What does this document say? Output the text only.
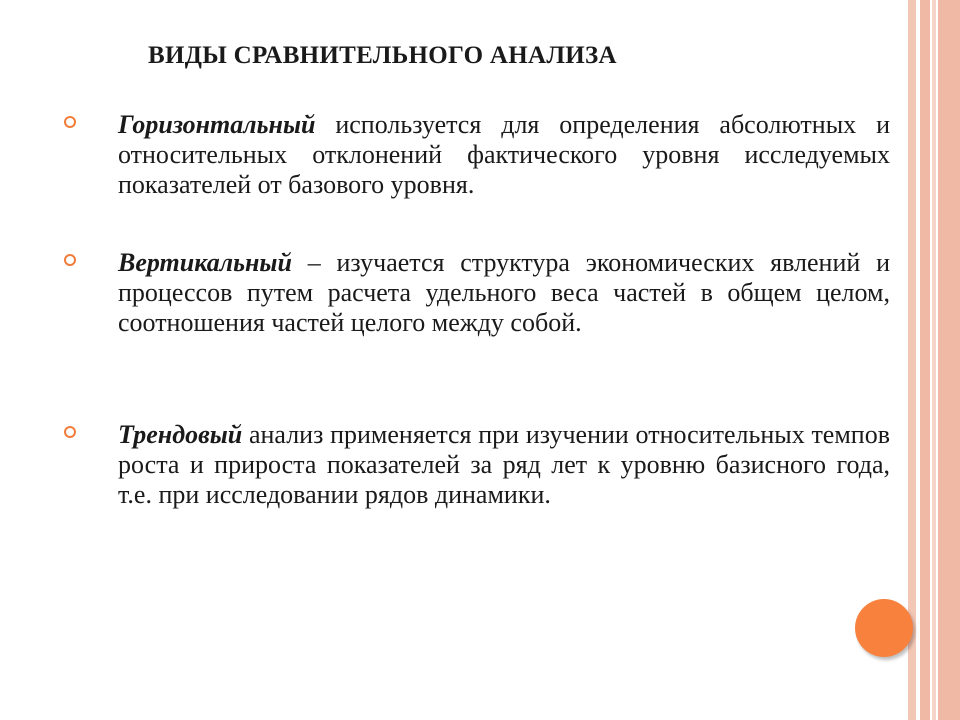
ВИДЫ СРАВНИТЕЛЬНОГО АНАЛИЗА
Горизонтальный используется для определения абсолютных и относительных отклонений фактического уровня исследуемых показателей от базового уровня.
Вертикальный – изучается структура экономических явлений и процессов путем расчета удельного веса частей в общем целом, соотношения частей целого между собой.
Трендовый анализ применяется при изучении относительных темпов роста и прироста показателей за ряд лет к уровню базисного года, т.е. при исследовании рядов динамики.
